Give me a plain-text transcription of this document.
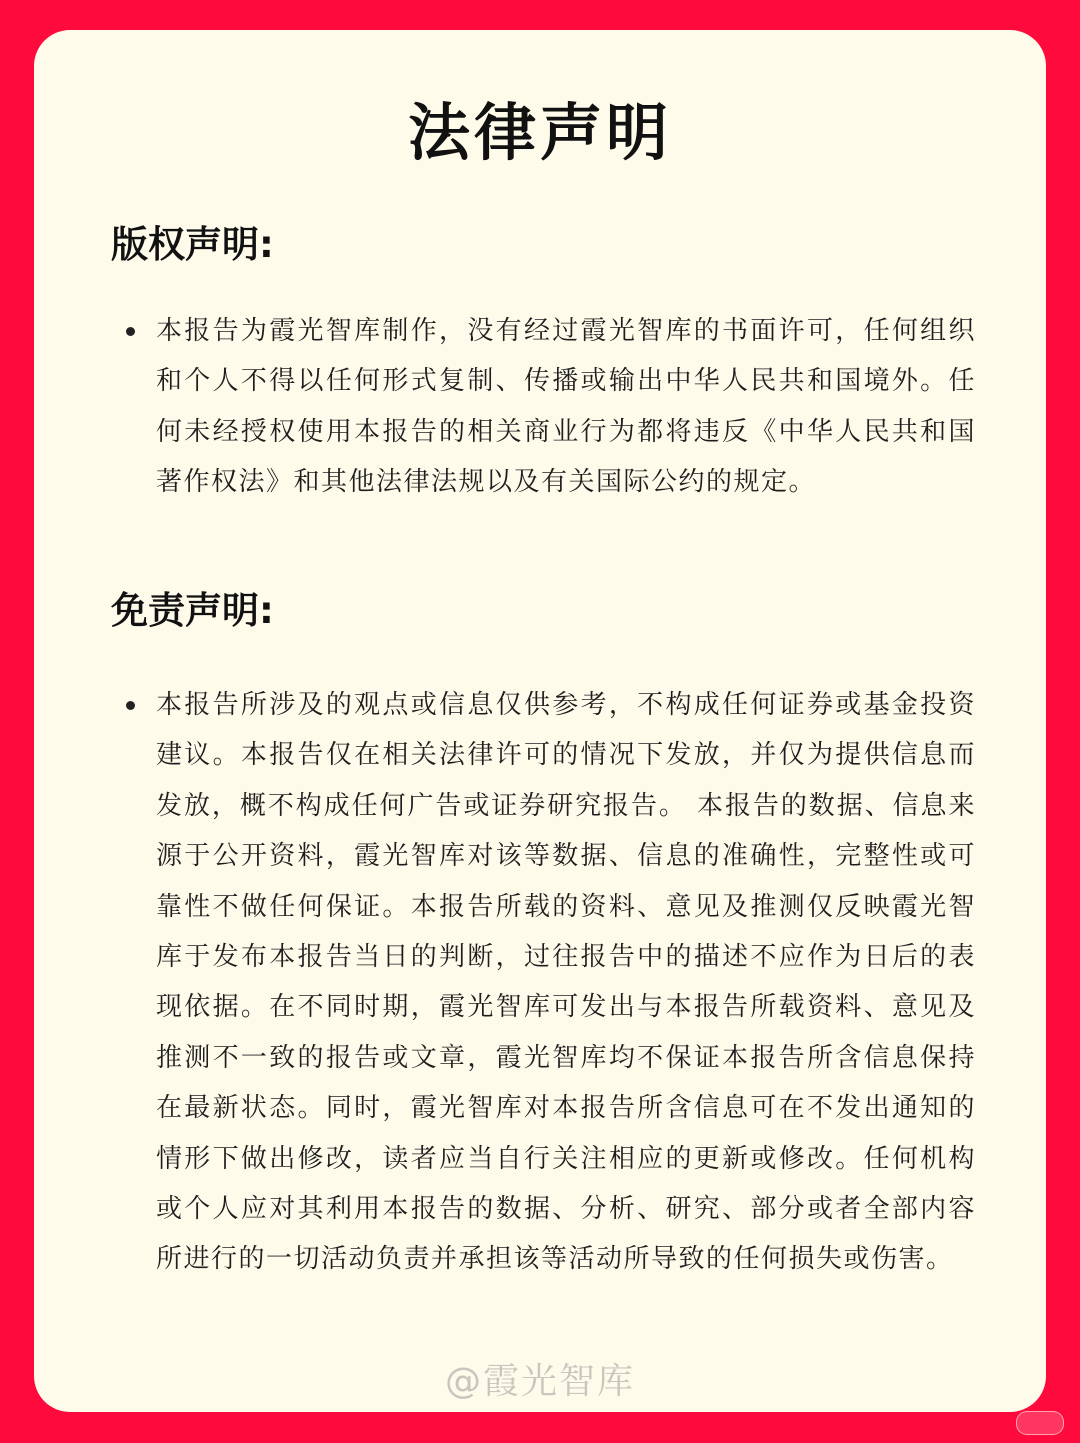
法律声明
版权声明:

本报告为霞光智库制作，没有经过霞光智库的书面许可，任何组织和个人不得以任何形式复制、传播或输出中华人民共和国境外。任何未经授权使用本报告的相关商业行为都将违反《中华人民共和国著作权法》和其他法律法规以及有关国际公约的规定。

免责声明:

本报告所涉及的观点或信息仅供参考，不构成任何证券或基金投资建议。本报告仅在相关法律许可的情况下发放，并仅为提供信息而发放，概不构成任何广告或证券研究报告。 本报告的数据、信息来源于公开资料，霞光智库对该等数据、信息的准确性，完整性或可靠性不做任何保证。本报告所载的资料、意见及推测仅反映霞光智库于发布本报告当日的判断，过往报告中的描述不应作为日后的表现依据。在不同时期，霞光智库可发出与本报告所载资料、意见及推测不一致的报告或文章，霞光智库均不保证本报告所含信息保持在最新状态。同时，霞光智库对本报告所含信息可在不发出通知的情形下做出修改，读者应当自行关注相应的更新或修改。任何机构或个人应对其利用本报告的数据、分析、研究、部分或者全部内容所进行的一切活动负责并承担该等活动所导致的任何损失或伤害。

@霞光智库
